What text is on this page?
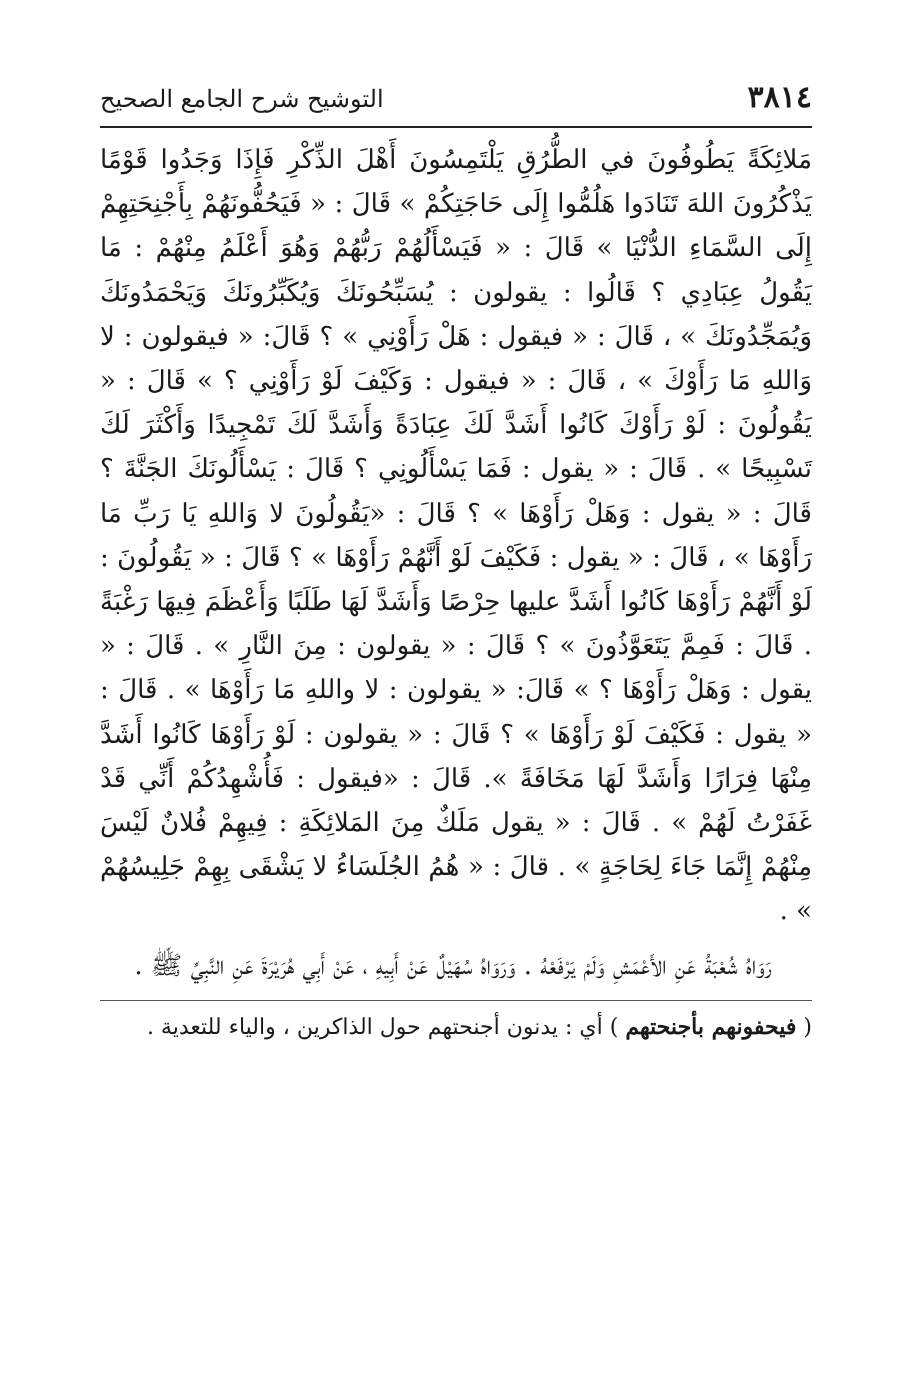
٣٨١٤
التوشيح شرح الجامع الصحيح

مَلائِكَةً يَطُوفُونَ في الطُّرُقِ يَلْتَمِسُونَ أَهْلَ الذِّكْرِ فَإِذَا وَجَدُوا قَوْمًا يَذْكُرُونَ اللهَ تَنَادَوا هَلُمُّوا إِلَى حَاجَتِكُمْ » قَالَ : « فَيَحُفُّونَهُمْ بِأَجْنِحَتِهِمْ إِلَى السَّمَاءِ الدُّنْيَا » قَالَ : « فَيَسْأَلُهُمْ رَبُّهُمْ وَهُوَ أَعْلَمُ مِنْهُمْ : مَا يَقُولُ عِبَادِي ؟ قَالُوا : يقولون : يُسَبِّحُونَكَ وَيُكَبِّرُونَكَ وَيَحْمَدُونَكَ وَيُمَجِّدُونَكَ » ، قَالَ : « فيقول : هَلْ رَأَوْنِي » ؟ قَالَ: « فيقولون : لا وَاللهِ مَا رَأَوْكَ » ، قَالَ : « فيقول : وَكَيْفَ لَوْ رَأَوْنِي ؟ » قَالَ : « يَقُولُونَ : لَوْ رَأَوْكَ كَانُوا أَشَدَّ لَكَ عِبَادَةً وَأَشَدَّ لَكَ تَمْجِيدًا وَأَكْثَرَ لَكَ تَسْبِيحًا » . قَالَ : « يقول : فَمَا يَسْأَلُونِي ؟ قَالَ : يَسْأَلُونَكَ الجَنَّةَ ؟ قَالَ : « يقول : وَهَلْ رَأَوْهَا » ؟ قَالَ : «يَقُولُونَ لا وَاللهِ يَا رَبِّ مَا رَأَوْهَا » ، قَالَ : « يقول : فَكَيْفَ لَوْ أَنَّهُمْ رَأَوْهَا » ؟ قَالَ : « يَقُولُونَ : لَوْ أَنَّهُمْ رَأَوْهَا كَانُوا أَشَدَّ عليها حِرْصًا وَأَشَدَّ لَهَا طَلَبًا وَأَعْظَمَ فِيهَا رَغْبَةً . قَالَ : فَمِمَّ يَتَعَوَّذُونَ » ؟ قَالَ : « يقولون : مِنَ النَّارِ » . قَالَ : « يقول : وَهَلْ رَأَوْهَا ؟ » قَالَ: « يقولون : لا واللهِ مَا رَأَوْهَا » . قَالَ : « يقول : فَكَيْفَ لَوْ رَأَوْهَا » ؟ قَالَ : « يقولون : لَوْ رَأَوْهَا كَانُوا أَشَدَّ مِنْهَا فِرَارًا وَأَشَدَّ لَهَا مَخَافَةً ». قَالَ : «فيقول : فَأُشْهِدُكُمْ أَنِّي قَدْ غَفَرْتُ لَهُمْ » . قَالَ : « يقول مَلَكٌ مِنَ المَلائِكَةِ : فِيهِمْ فُلانٌ لَيْسَ مِنْهُمْ إِنَّمَا جَاءَ لِحَاجَةٍ » . قالَ : « هُمُ الجُلَسَاءُ لا يَشْقَى بِهِمْ جَلِيسُهُمْ » .

رَوَاهُ شُعْبَةُ عَنِ الأَعْمَشِ وَلَمْ يَرْفَعْهُ . وَرَوَاهُ سُهَيْلٌ عَنْ أَبِيهِ ، عَنْ أَبِي هُرَيْرَةَ عَنِ النَّبِيِّ ﷺ .

( فيحفونهم بأجنحتهم ) أي : يدنون أجنحتهم حول الذاكرين ، والياء للتعدية .
